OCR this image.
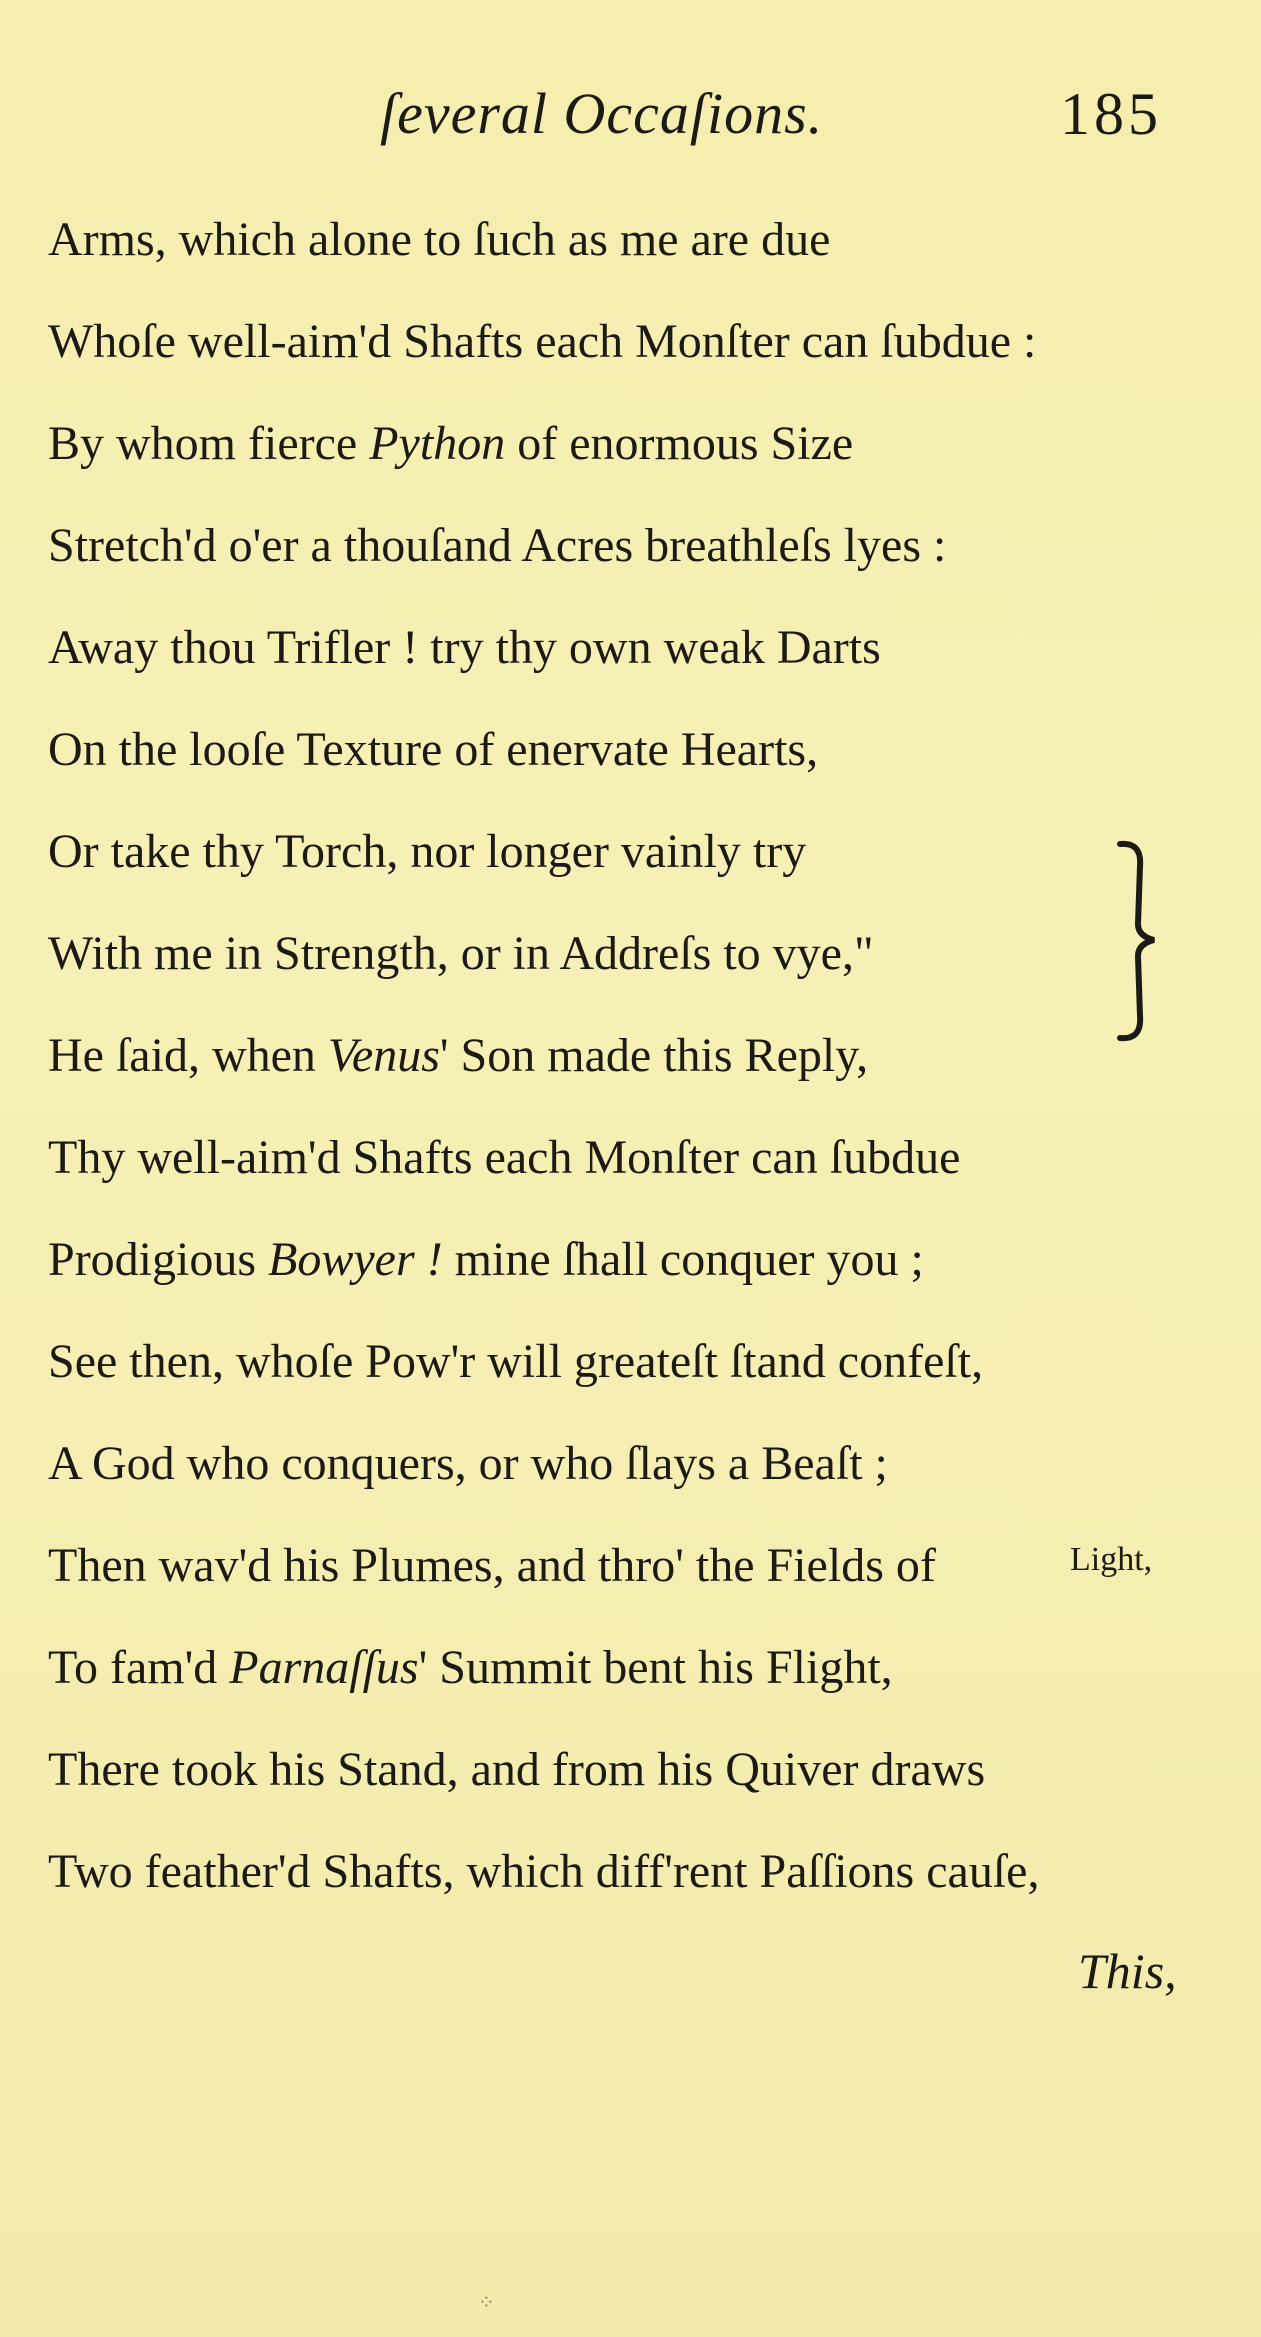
ſeveral Occaſions.	185
Arms, which alone to ſuch as me are due
Whoſe well-aim'd Shafts each Monſter can ſubdue :
By whom fierce Python of enormous Size
Stretch'd o'er a thouſand Acres breathleſs lyes :
Away thou Trifler ! try thy own weak Darts
On the looſe Texture of enervate Hearts,
Or take thy Torch, nor longer vainly try
With me in Strength, or in Addreſs to vye,"
He ſaid, when Venus' Son made this Reply,
Thy well-aim'd Shafts each Monſter can ſubdue
Prodigious Bowyer ! mine ſhall conquer you ;
See then, whoſe Pow'r will greateſt ſtand confeſt,
A God who conquers, or who ſlays a Beaſt ;
Then wav'd his Plumes, and thro' the Fields of
To fam'd Parnaſſus' Summit bent his Flight,
There took his Stand, and from his Quiver draws
Two feather'd Shafts, which diff'rent Paſſions cauſe,
Light,
This,
⁘
